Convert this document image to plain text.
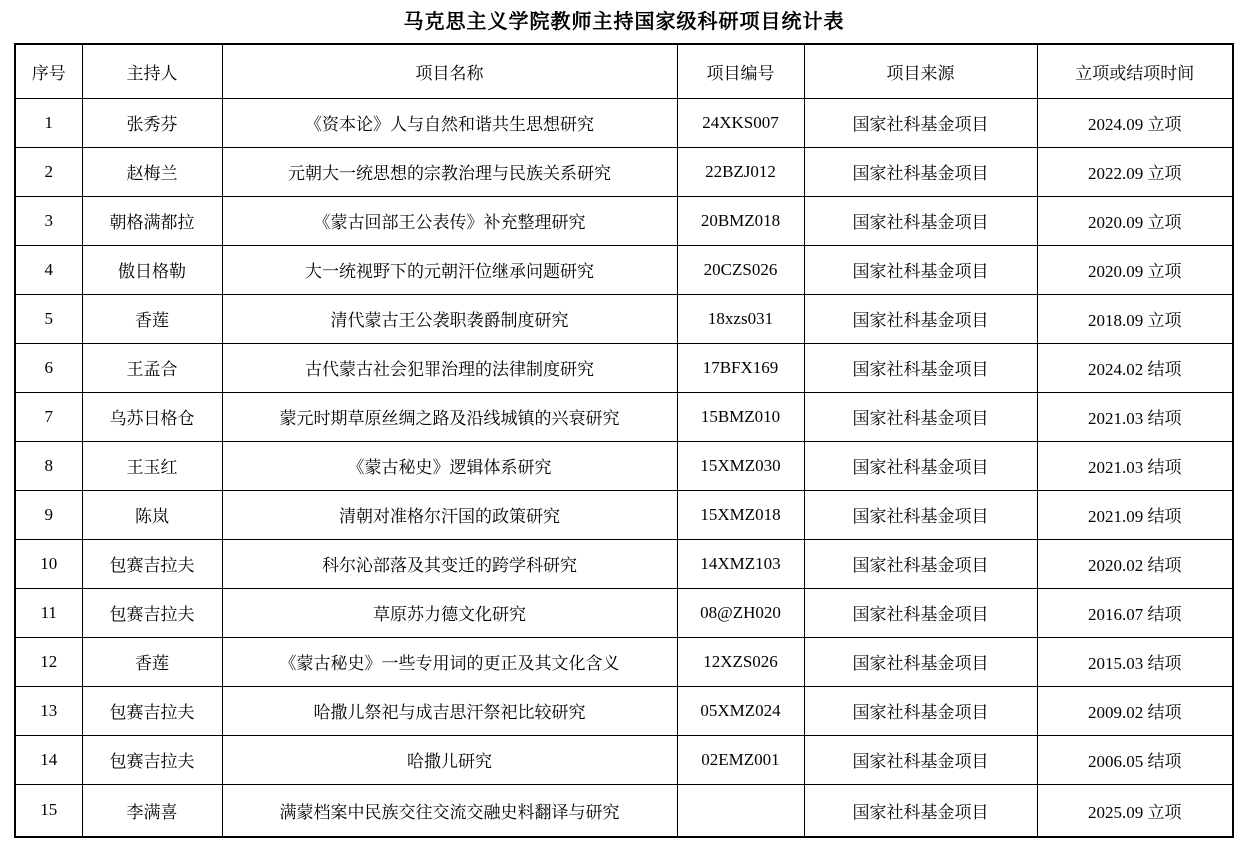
马克思主义学院教师主持国家级科研项目统计表
序号	主持人	项目名称	项目编号	项目来源	立项或结项时间
1	张秀芬	《资本论》人与自然和谐共生思想研究	24XKS007	国家社科基金项目	2024.09 立项
2	赵梅兰	元朝大一统思想的宗教治理与民族关系研究	22BZJ012	国家社科基金项目	2022.09 立项
3	朝格满都拉	《蒙古回部王公表传》补充整理研究	20BMZ018	国家社科基金项目	2020.09 立项
4	傲日格勒	大一统视野下的元朝汗位继承问题研究	20CZS026	国家社科基金项目	2020.09 立项
5	香莲	清代蒙古王公袭职袭爵制度研究	18xzs031	国家社科基金项目	2018.09 立项
6	王孟合	古代蒙古社会犯罪治理的法律制度研究	17BFX169	国家社科基金项目	2024.02 结项
7	乌苏日格仓	蒙元时期草原丝绸之路及沿线城镇的兴衰研究	15BMZ010	国家社科基金项目	2021.03 结项
8	王玉红	《蒙古秘史》逻辑体系研究	15XMZ030	国家社科基金项目	2021.03 结项
9	陈岚	清朝对准格尔汗国的政策研究	15XMZ018	国家社科基金项目	2021.09 结项
10	包赛吉拉夫	科尔沁部落及其变迁的跨学科研究	14XMZ103	国家社科基金项目	2020.02 结项
11	包赛吉拉夫	草原苏力德文化研究	08@ZH020	国家社科基金项目	2016.07 结项
12	香莲	《蒙古秘史》一些专用词的更正及其文化含义	12XZS026	国家社科基金项目	2015.03 结项
13	包赛吉拉夫	哈撒儿祭祀与成吉思汗祭祀比较研究	05XMZ024	国家社科基金项目	2009.02 结项
14	包赛吉拉夫	哈撒儿研究	02EMZ001	国家社科基金项目	2006.05 结项
15	李满喜	满蒙档案中民族交往交流交融史料翻译与研究		国家社科基金项目	2025.09 立项
